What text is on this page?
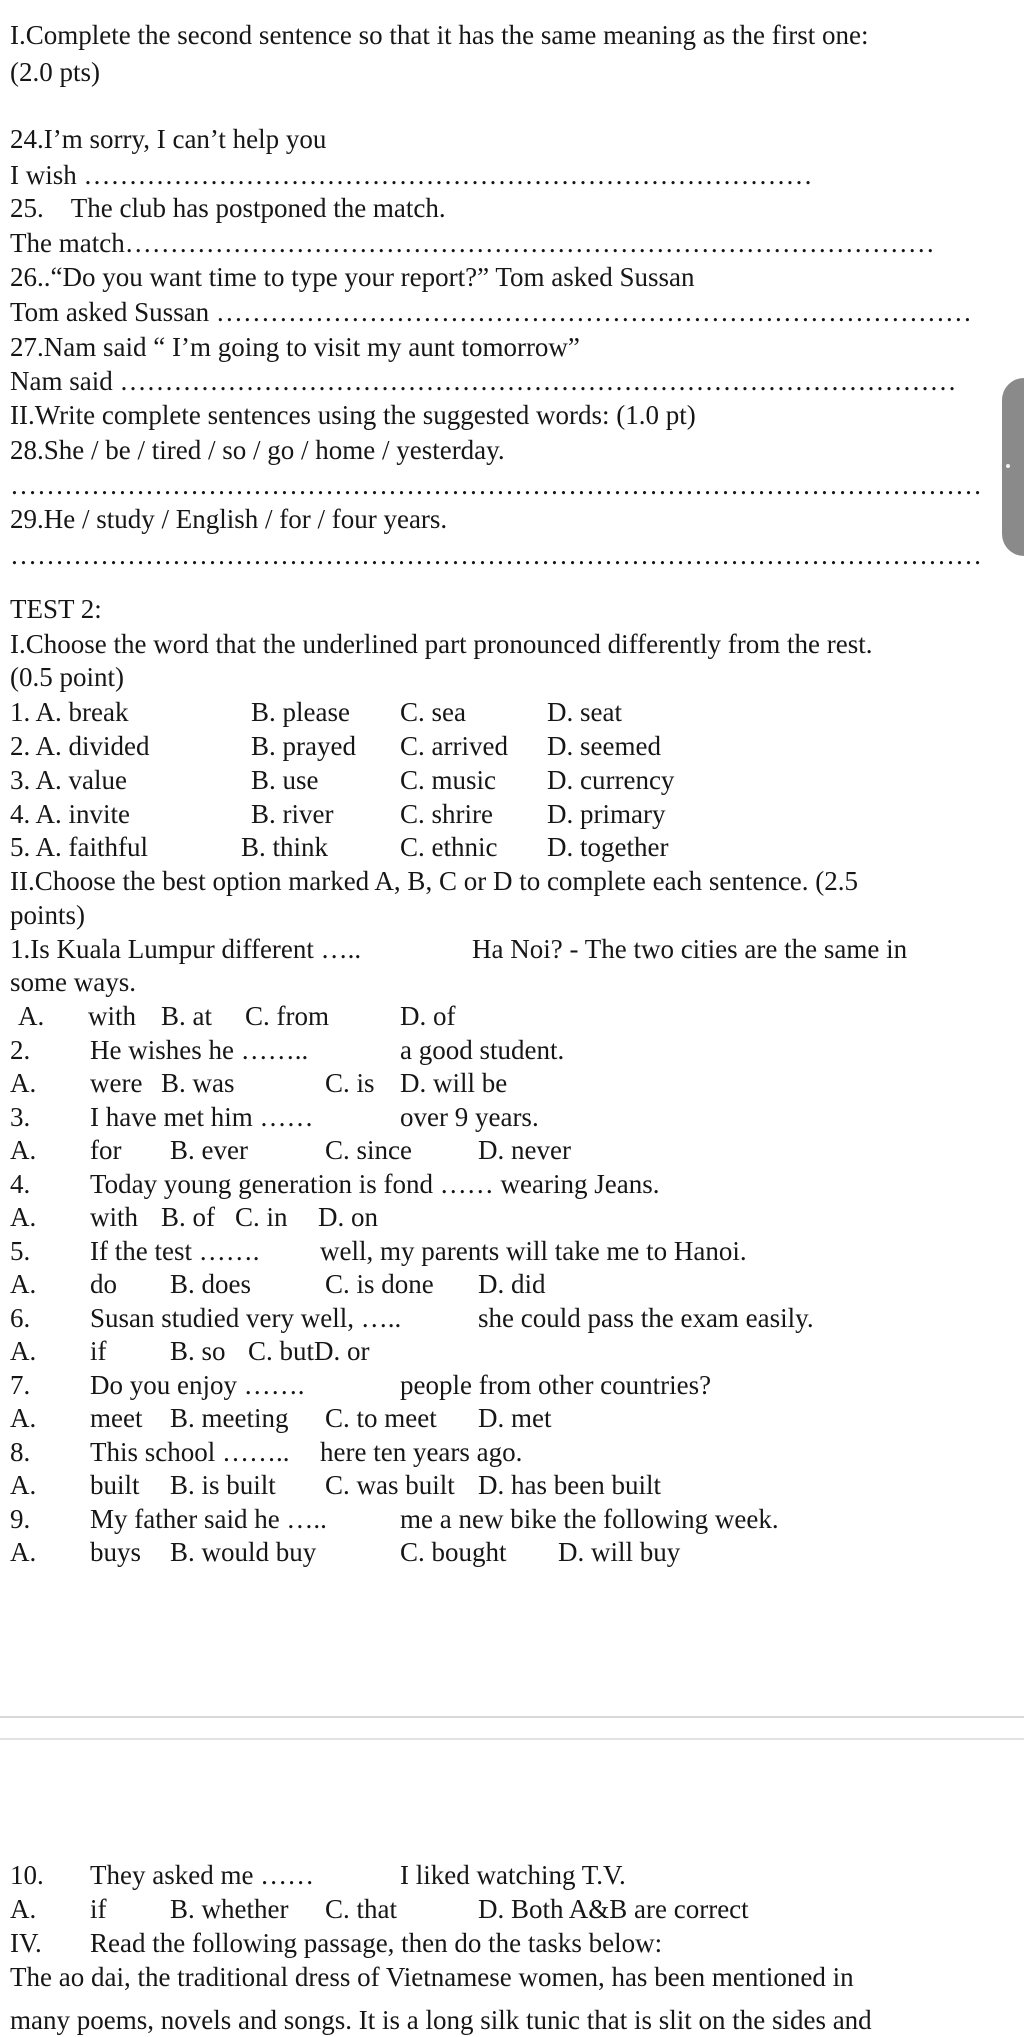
I.Complete the second sentence so that it has the same meaning as the first one:
(2.0 pts)
24.I’m sorry, I can’t help you
I wish ………………………………………………………………………
25.    The club has postponed the match.
The match………………………………………………………………………………
26..“Do you want time to type your report?” Tom asked Sussan
Tom asked Sussan …………………………………………………………………………
27.Nam said “ I’m going to visit my aunt tomorrow”
Nam said …………………………………………………………………………………
II.Write complete sentences using the suggested words: (1.0 pt)
28.She / be / tired / so / go / home / yesterday.
………………………………………………………………………………………………
29.He / study / English / for / four years.
………………………………………………………………………………………………
TEST 2:
I.Choose the word that the underlined part pronounced differently from the rest.
(0.5 point)
1. A. break	B. please C. sea	D. seat
2. A. divided	B. prayed C. arrived D. seemed
3. A. value	B. use	C. music D. currency
4. A. invite	B. river C. shrire D. primary
5. A. faithful	B. think	C. ethnic D. together
II.Choose the best option marked A, B, C or D to complete each sentence. (2.5
points)
1.Is Kuala Lumpur different …..	Ha Noi? - The two cities are the same in
some ways.
A. with B. at C. from	D. of
2. He wishes he ……..	a good student.
A. were B. was	C. is D. will be
3. I have met him ……	over 9 years.
A. for B. ever	C. since D. never
4. Today young generation is fond …… wearing Jeans.
A. with B. of C. in D. on
5. If the test ……. well, my parents will take me to Hanoi.
A. do B. does	C. is done D. did
6. Susan studied very well, …..	she could pass the exam easily.
A. if B. so C. butD. or
7. Do you enjoy …….	people from other countries?
A. meet B. meeting C. to meet D. met
8. This school …….. here ten years ago.
A. built B. is built C. was built D. has been built
9. My father said he …..	me a new bike the following week.
A. buys B. would buy	C. bought D. will buy
10. They asked me ……	I liked watching T.V.
A. if B. whether C. that	D. Both A&B are correct
IV. Read the following passage, then do the tasks below:
The ao dai, the traditional dress of Vietnamese women, has been mentioned in
many poems, novels and songs. It is a long silk tunic that is slit on the sides and
